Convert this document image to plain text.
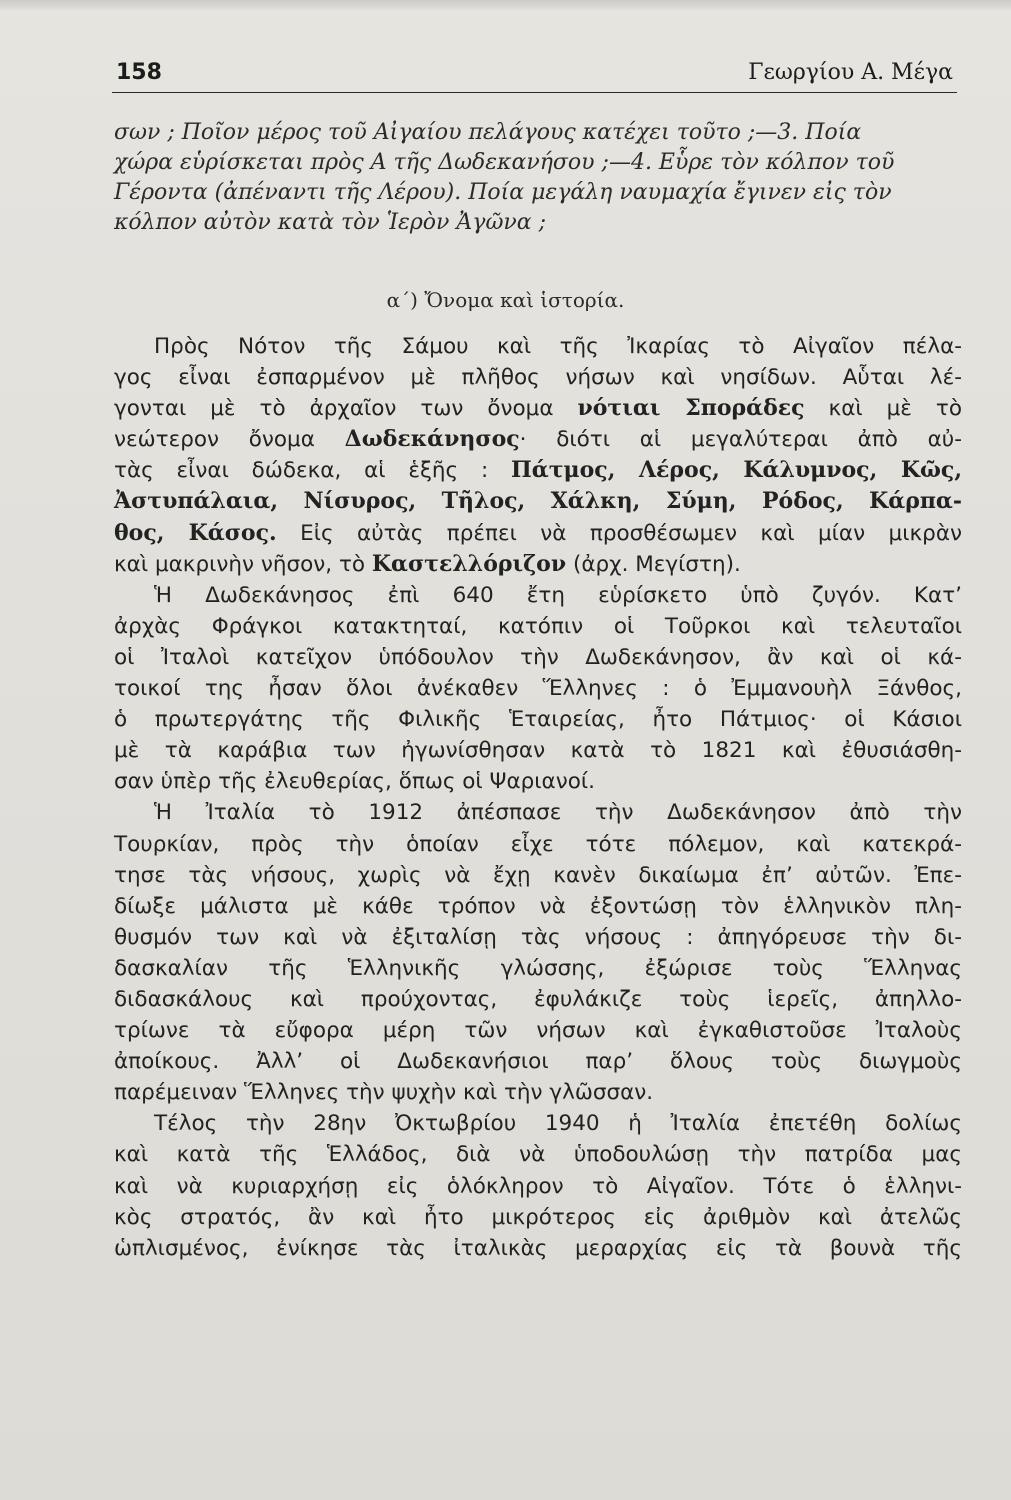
158	Γεωργίου Α. Μέγα
σων ; Ποῖον μέρος τοῦ Αἰγαίου πελάγους κατέχει τοῦτο ;—3. Ποία
χώρα εὑρίσκεται πρὸς Α τῆς Δωδεκανήσου ;—4. Εὗρε τὸν κόλπον τοῦ
Γέροντα (ἀπέναντι τῆς Λέρου). Ποία μεγάλη ναυμαχία ἔγινεν εἰς τὸν
κόλπον αὐτὸν κατὰ τὸν Ἱερὸν Ἀγῶνα ;
α΄) Ὄνομα καὶ ἱστορία.
Πρὸς Νότον τῆς Σάμου καὶ τῆς Ἰκαρίας τὸ Αἰγαῖον πέλα-
γος εἶναι ἐσπαρμένον μὲ πλῆθος νήσων καὶ νησίδων. Αὗται λέ-
γονται μὲ τὸ ἀρχαῖον των ὄνομα νότιαι Σποράδες καὶ μὲ τὸ
νεώτερον ὄνομα Δωδεκάνησος· διότι αἱ μεγαλύτεραι ἀπὸ αὐ-
τὰς εἶναι δώδεκα, αἱ ἑξῆς : Πάτμος, Λέρος, Κάλυμνος, Κῶς,
Ἀστυπάλαια, Νίσυρος, Τῆλος, Χάλκη, Σύμη, Ρόδος, Κάρπα-
θος, Κάσος. Εἰς αὐτὰς πρέπει νὰ προσθέσωμεν καὶ μίαν μικρὰν
καὶ μακρινὴν νῆσον, τὸ Καστελλόριζον (ἀρχ. Μεγίστη).
Ἡ Δωδεκάνησος ἐπὶ 640 ἔτη εὑρίσκετο ὑπὸ ζυγόν. Κατ’
ἀρχὰς Φράγκοι κατακτηταί, κατόπιν οἱ Τοῦρκοι καὶ τελευταῖοι
οἱ Ἰταλοὶ κατεῖχον ὑπόδουλον τὴν Δωδεκάνησον, ἂν καὶ οἱ κά-
τοικοί της ἦσαν ὅλοι ἀνέκαθεν Ἕλληνες : ὁ Ἐμμανουὴλ Ξάνθος,
ὁ πρωτεργάτης τῆς Φιλικῆς Ἑταιρείας, ἦτο Πάτμιος· οἱ Κάσιοι
μὲ τὰ καράβια των ἠγωνίσθησαν κατὰ τὸ 1821 καὶ ἐθυσιάσθη-
σαν ὑπὲρ τῆς ἐλευθερίας, ὅπως οἱ Ψαριανοί.
Ἡ Ἰταλία τὸ 1912 ἀπέσπασε τὴν Δωδεκάνησον ἀπὸ τὴν
Τουρκίαν, πρὸς τὴν ὁποίαν εἶχε τότε πόλεμον, καὶ κατεκρά-
τησε τὰς νήσους, χωρὶς νὰ ἔχῃ κανὲν δικαίωμα ἐπ’ αὐτῶν. Ἐπε-
δίωξε μάλιστα μὲ κάθε τρόπον νὰ ἐξοντώσῃ τὸν ἑλληνικὸν πλη-
θυσμόν των καὶ νὰ ἐξιταλίσῃ τὰς νήσους : ἀπηγόρευσε τὴν δι-
δασκαλίαν τῆς Ἑλληνικῆς γλώσσης, ἐξώρισε τοὺς Ἕλληνας
διδασκάλους καὶ προύχοντας, ἐφυλάκιζε τοὺς ἱερεῖς, ἀπηλλο-
τρίωνε τὰ εὔφορα μέρη τῶν νήσων καὶ ἐγκαθιστοῦσε Ἰταλοὺς
ἀποίκους. Ἀλλ’ οἱ Δωδεκανήσιοι παρ’ ὅλους τοὺς διωγμοὺς
παρέμειναν Ἕλληνες τὴν ψυχὴν καὶ τὴν γλῶσσαν.
Τέλος τὴν 28ην Ὀκτωβρίου 1940 ἡ Ἰταλία ἐπετέθη δολίως
καὶ κατὰ τῆς Ἑλλάδος, διὰ νὰ ὑποδουλώσῃ τὴν πατρίδα μας
καὶ νὰ κυριαρχήσῃ εἰς ὁλόκληρον τὸ Αἰγαῖον. Τότε ὁ ἑλληνι-
κὸς στρατός, ἂν καὶ ἦτο μικρότερος εἰς ἀριθμὸν καὶ ἀτελῶς
ὡπλισμένος, ἐνίκησε τὰς ἰταλικὰς μεραρχίας εἰς τὰ βουνὰ τῆς
